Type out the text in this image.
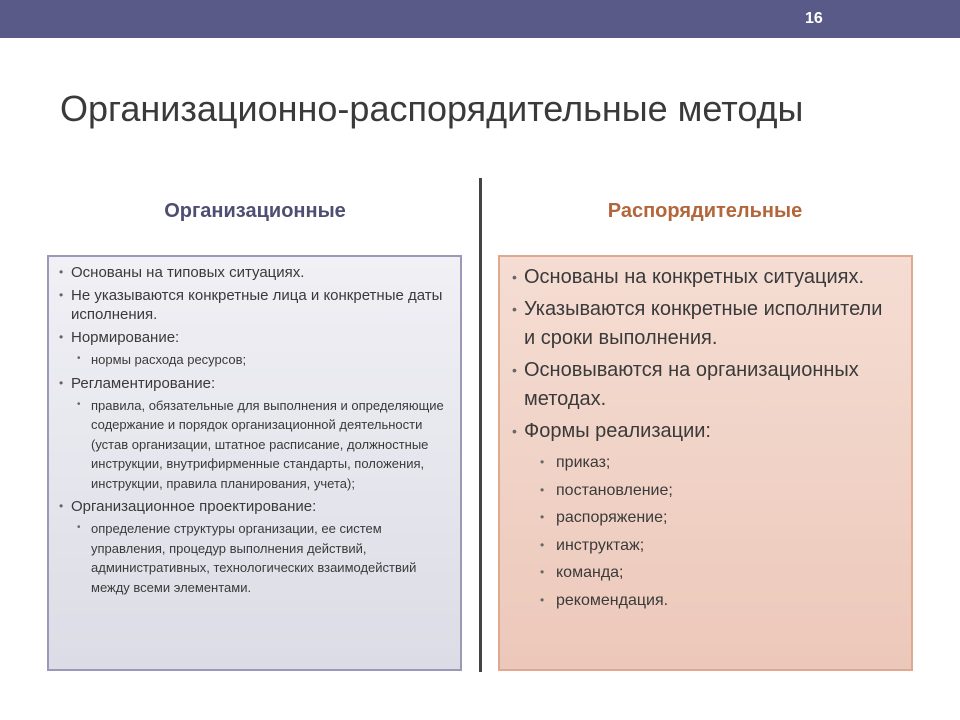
16
Организационно-распорядительные методы
Организационные	Распорядительные
• Основаны на типовых ситуациях.
• Не указываются конкретные лица и конкретные даты исполнения.
• Нормирование:
• нормы расхода ресурсов;
• Регламентирование:
• правила, обязательные для выполнения и определяющие содержание и порядок организационной деятельности (устав организации, штатное расписание, должностные инструкции, внутрифирменные стандарты, положения, инструкции, правила планирования, учета);
• Организационное проектирование:
• определение структуры организации, ее систем управления, процедур выполнения действий, административных, технологических взаимодействий между всеми элементами.
• Основаны на конкретных ситуациях.
• Указываются конкретные исполнители и сроки выполнения.
• Основываются на организационных методах.
• Формы реализации:
• приказ;
• постановление;
• распоряжение;
• инструктаж;
• команда;
• рекомендация.
